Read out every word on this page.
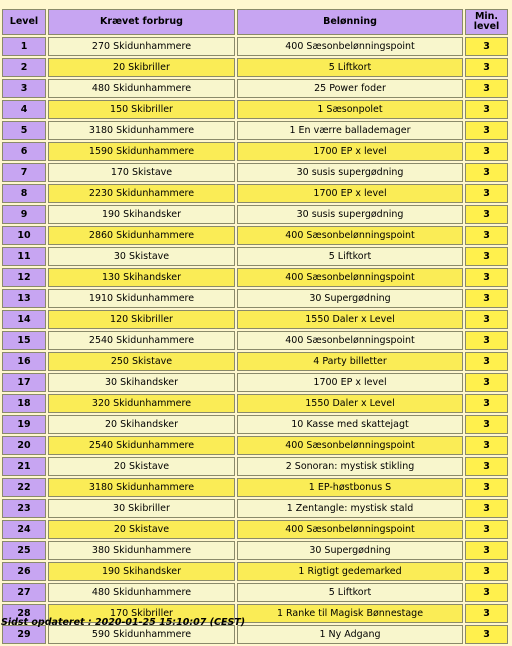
Level	Krævet forbrug	Belønning	Min.
level
1	270 Skidunhammere	400 Sæsonbelønningspoint	3
2	20 Skibriller	5 Liftkort	3
3	480 Skidunhammere	25 Power foder	3
4	150 Skibriller	1 Sæsonpolet	3
5	3180 Skidunhammere	1 En værre ballademager	3
6	1590 Skidunhammere	1700 EP x level	3
7	170 Skistave	30 susis supergødning	3
8	2230 Skidunhammere	1700 EP x level	3
9	190 Skihandsker	30 susis supergødning	3
10	2860 Skidunhammere	400 Sæsonbelønningspoint	3
11	30 Skistave	5 Liftkort	3
12	130 Skihandsker	400 Sæsonbelønningspoint	3
13	1910 Skidunhammere	30 Supergødning	3
14	120 Skibriller	1550 Daler x Level	3
15	2540 Skidunhammere	400 Sæsonbelønningspoint	3
16	250 Skistave	4 Party billetter	3
17	30 Skihandsker	1700 EP x level	3
18	320 Skidunhammere	1550 Daler x Level	3
19	20 Skihandsker	10 Kasse med skattejagt	3
20	2540 Skidunhammere	400 Sæsonbelønningspoint	3
21	20 Skistave	2 Sonoran: mystisk stikling	3
22	3180 Skidunhammere	1 EP-høstbonus S	3
23	30 Skibriller	1 Zentangle: mystisk stald	3
24	20 Skistave	400 Sæsonbelønningspoint	3
25	380 Skidunhammere	30 Supergødning	3
26	190 Skihandsker	1 Rigtigt gedemarked	3
27	480 Skidunhammere	5 Liftkort	3
28	170 Skibriller	1 Ranke til Magisk Bønnestage	3
29	590 Skidunhammere	1 Ny Adgang	3
Sidst opdateret : 2020-01-25 15:10:07 (CEST)
